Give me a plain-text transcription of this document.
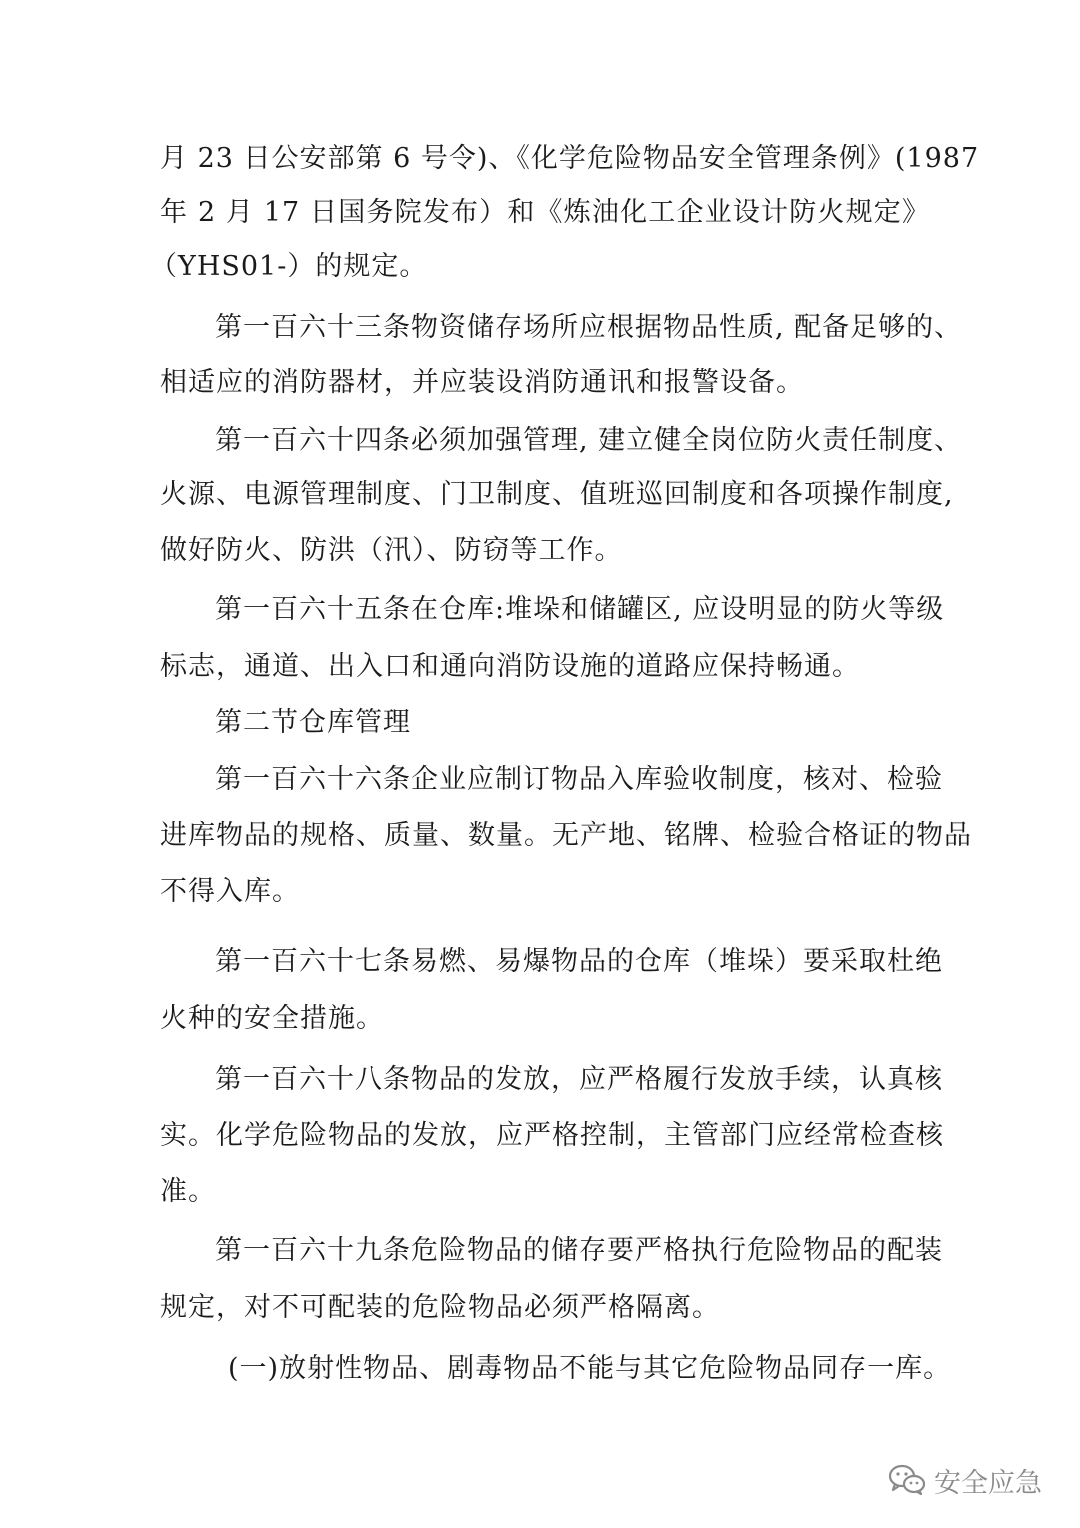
月 23 日公安部第 6 号令)、《化学危险物品安全管理条例》(1987
年 2 月 17 日国务院发布）和《炼油化工企业设计防火规定》
（YHS01-）的规定。
第一百六十三条物资储存场所应根据物品性质, 配备足够的、
相适应的消防器材，并应装设消防通讯和报警设备。
第一百六十四条必须加强管理, 建立健全岗位防火责任制度、
火源、电源管理制度、门卫制度、值班巡回制度和各项操作制度,
做好防火、防洪（汛）、防窃等工作。
第一百六十五条在仓库:堆垛和储罐区, 应设明显的防火等级
标志，通道、出入口和通向消防设施的道路应保持畅通。
第二节仓库管理
第一百六十六条企业应制订物品入库验收制度，核对、检验
进库物品的规格、质量、数量。无产地、铭牌、检验合格证的物品
不得入库。
第一百六十七条易燃、易爆物品的仓库（堆垛）要采取杜绝
火种的安全措施。
第一百六十八条物品的发放，应严格履行发放手续，认真核
实。化学危险物品的发放，应严格控制，主管部门应经常检查核
准。
第一百六十九条危险物品的储存要严格执行危险物品的配装
规定，对不可配装的危险物品必须严格隔离。
(一)放射性物品、剧毒物品不能与其它危险物品同存一库。
安全应急
